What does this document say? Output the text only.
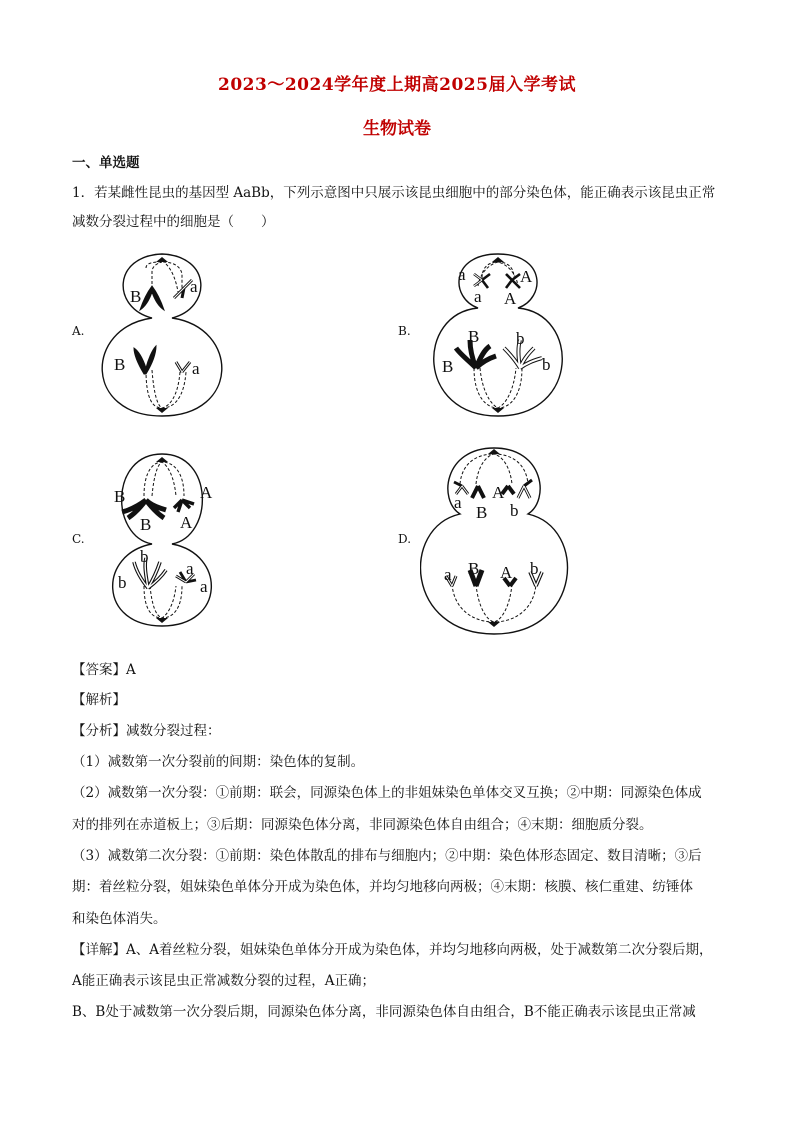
2023～2024学年度上期高2025届入学考试
生物试卷
一、单选题
1．若某雌性昆虫的基因型 AaBb，下列示意图中只展示该昆虫细胞中的部分染色体，能正确表示该昆虫正常
减数分裂过程中的细胞是（　　）
A.
B
a
B	a
B.
a	A
a A
B
B
b
b
C.
B	A
B A
b
b
a
a
D.
a
B
A
b
a B A b
【答案】A
【解析】
【分析】减数分裂过程：
（1）减数第一次分裂前的间期：染色体的复制。
（2）减数第一次分裂：①前期：联会，同源染色体上的非姐妹染色单体交叉互换；②中期：同源染色体成
对的排列在赤道板上；③后期：同源染色体分离，非同源染色体自由组合；④末期：细胞质分裂。
（3）减数第二次分裂：①前期：染色体散乱的排布与细胞内；②中期：染色体形态固定、数目清晰；③后
期：着丝粒分裂，姐妹染色单体分开成为染色体，并均匀地移向两极；④末期：核膜、核仁重建、纺锤体
和染色体消失。
【详解】A、A着丝粒分裂，姐妹染色单体分开成为染色体，并均匀地移向两极，处于减数第二次分裂后期，
A能正确表示该昆虫正常减数分裂的过程，A正确；
B、B处于减数第一次分裂后期，同源染色体分离，非同源染色体自由组合，B不能正确表示该昆虫正常减
